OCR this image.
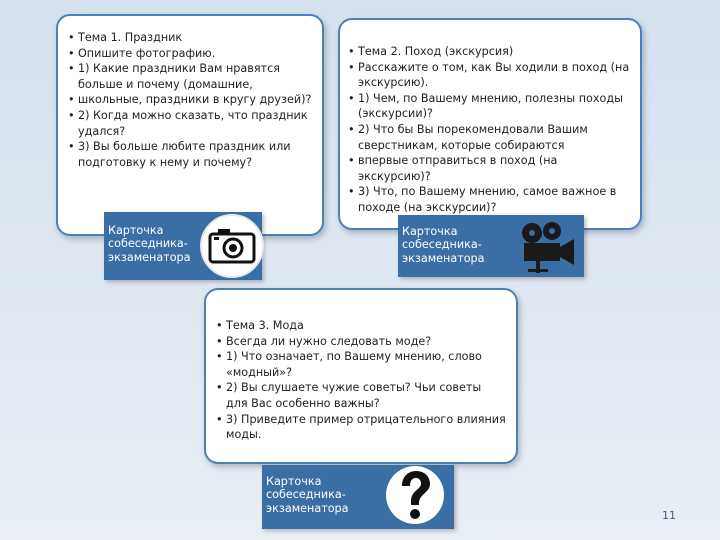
• Тема 1. Праздник
• Опишите фотографию.
• 1) Какие праздники Вам нравятся больше и почему (домашние,
• школьные, праздники в кругу друзей)?
• 2) Когда можно сказать, что праздник удался?
• 3) Вы больше любите праздник или подготовку к нему и почему?
Карточка
собеседника-
экзаменатора
• Тема 2. Поход (экскурсия)
• Расскажите о том, как Вы ходили в поход (на экскурсию).
• 1) Чем, по Вашему мнению, полезны походы (экскурсии)?
• 2) Что бы Вы порекомендовали Вашим сверстникам, которые собираются
• впервые отправиться в поход (на экскурсию)?
• 3) Что, по Вашему мнению, самое важное в походе (на экскурсии)?
Карточка
собеседника-
экзаменатора
• Тема 3. Мода
• Всегда ли нужно следовать моде?
• 1) Что означает, по Вашему мнению, слово «модный»?
• 2) Вы слушаете чужие советы? Чьи советы для Вас особенно важны?
• 3) Приведите пример отрицательного влияния моды.
Карточка
собеседника-
экзаменатора
11
